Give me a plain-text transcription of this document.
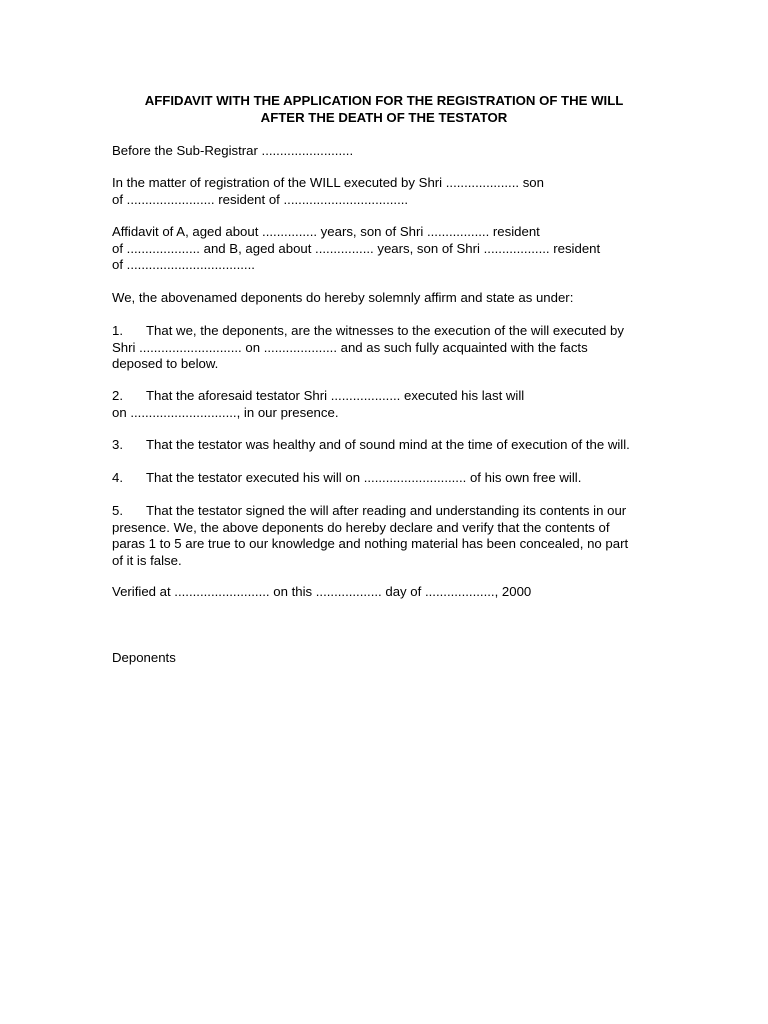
AFFIDAVIT WITH THE APPLICATION FOR THE REGISTRATION OF THE WILL
AFTER THE DEATH OF THE TESTATOR
Before the Sub-Registrar .........................
In the matter of registration of the WILL executed by Shri .................... son
of ........................ resident of ..................................
Affidavit of A, aged about ............... years, son of Shri ................. resident
of .................... and B, aged about ................ years, son of Shri .................. resident
of ...................................
We, the abovenamed deponents do hereby solemnly affirm and state as under:
1. That we, the deponents, are the witnesses to the execution of the will executed by
Shri ............................ on .................... and as such fully acquainted with the facts
deposed to below.
2. That the aforesaid testator Shri ................... executed his last will
on ............................., in our presence.
3. That the testator was healthy and of sound mind at the time of execution of the will.
4. That the testator executed his will on ............................ of his own free will.
5. That the testator signed the will after reading and understanding its contents in our
presence. We, the above deponents do hereby declare and verify that the contents of
paras 1 to 5 are true to our knowledge and nothing material has been concealed, no part
of it is false.
Verified at .......................... on this .................. day of ..................., 2000
Deponents
